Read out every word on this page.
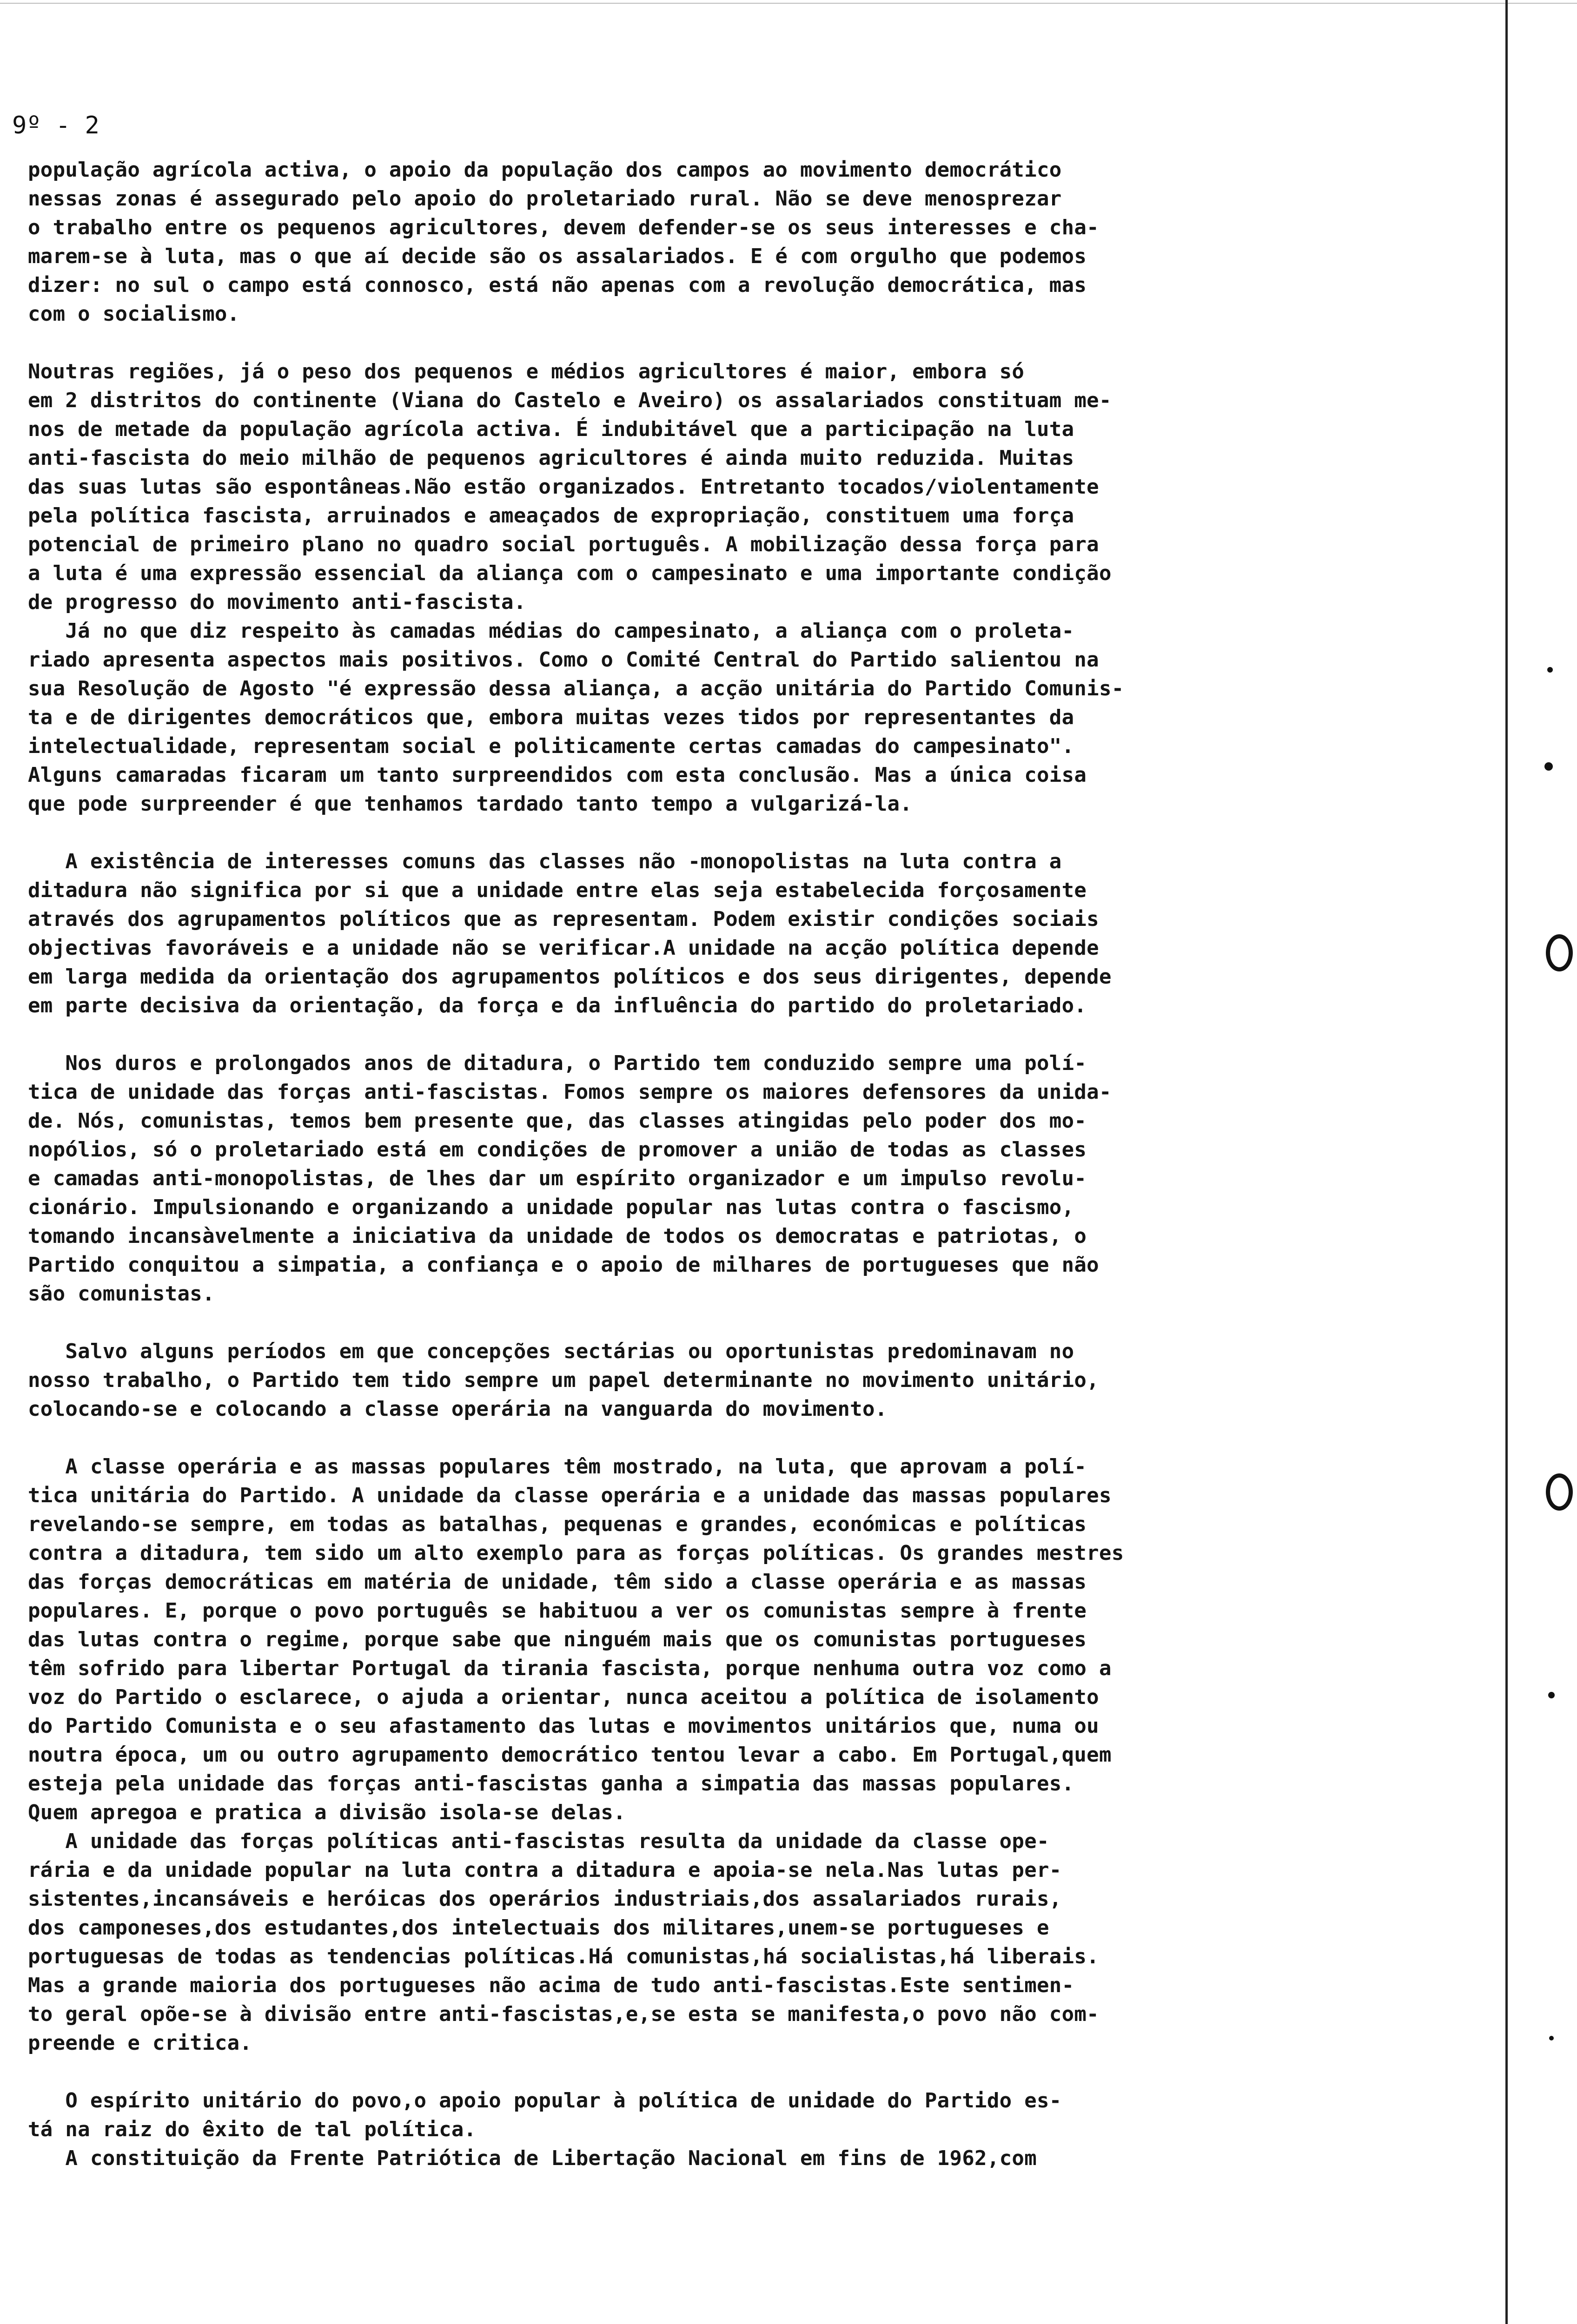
9º - 2
população agrícola activa, o apoio da população dos campos ao movimento democrático
nessas zonas é assegurado pelo apoio do proletariado rural. Não se deve menosprezar
o trabalho entre os pequenos agricultores, devem defender-se os seus interesses e cha-
marem-se à luta, mas o que aí decide são os assalariados. E é com orgulho que podemos
dizer: no sul o campo está connosco, está não apenas com a revolução democrática, mas
com o socialismo.
Noutras regiões, já o peso dos pequenos e médios agricultores é maior, embora só
em 2 distritos do continente (Viana do Castelo e Aveiro) os assalariados constituam me-
nos de metade da população agrícola activa. É indubitável que a participação na luta
anti-fascista do meio milhão de pequenos agricultores é ainda muito reduzida. Muitas
das suas lutas são espontâneas.Não estão organizados. Entretanto tocados/violentamente
pela política fascista, arruinados e ameaçados de expropriação, constituem uma força
potencial de primeiro plano no quadro social português. A mobilização dessa força para
a luta é uma expressão essencial da aliança com o campesinato e uma importante condição
de progresso do movimento anti-fascista.
Já no que diz respeito às camadas médias do campesinato, a aliança com o proleta-
riado apresenta aspectos mais positivos. Como o Comité Central do Partido salientou na
sua Resolução de Agosto "é expressão dessa aliança, a acção unitária do Partido Comunis-
ta e de dirigentes democráticos que, embora muitas vezes tidos por representantes da
intelectualidade, representam social e politicamente certas camadas do campesinato".
Alguns camaradas ficaram um tanto surpreendidos com esta conclusão. Mas a única coisa
que pode surpreender é que tenhamos tardado tanto tempo a vulgarizá-la.
A existência de interesses comuns das classes não -monopolistas na luta contra a
ditadura não significa por si que a unidade entre elas seja estabelecida forçosamente
através dos agrupamentos políticos que as representam. Podem existir condições sociais
objectivas favoráveis e a unidade não se verificar.A unidade na acção política depende
em larga medida da orientação dos agrupamentos políticos e dos seus dirigentes, depende
em parte decisiva da orientação, da força e da influência do partido do proletariado.
Nos duros e prolongados anos de ditadura, o Partido tem conduzido sempre uma polí-
tica de unidade das forças anti-fascistas. Fomos sempre os maiores defensores da unida-
de. Nós, comunistas, temos bem presente que, das classes atingidas pelo poder dos mo-
nopólios, só o proletariado está em condições de promover a união de todas as classes
e camadas anti-monopolistas, de lhes dar um espírito organizador e um impulso revolu-
cionário. Impulsionando e organizando a unidade popular nas lutas contra o fascismo,
tomando incansàvelmente a iniciativa da unidade de todos os democratas e patriotas, o
Partido conquitou a simpatia, a confiança e o apoio de milhares de portugueses que não
são comunistas.
Salvo alguns períodos em que concepções sectárias ou oportunistas predominavam no
nosso trabalho, o Partido tem tido sempre um papel determinante no movimento unitário,
colocando-se e colocando a classe operária na vanguarda do movimento.
A classe operária e as massas populares têm mostrado, na luta, que aprovam a polí-
tica unitária do Partido. A unidade da classe operária e a unidade das massas populares
revelando-se sempre, em todas as batalhas, pequenas e grandes, económicas e políticas
contra a ditadura, tem sido um alto exemplo para as forças políticas. Os grandes mestres
das forças democráticas em matéria de unidade, têm sido a classe operária e as massas
populares. E, porque o povo português se habituou a ver os comunistas sempre à frente
das lutas contra o regime, porque sabe que ninguém mais que os comunistas portugueses
têm sofrido para libertar Portugal da tirania fascista, porque nenhuma outra voz como a
voz do Partido o esclarece, o ajuda a orientar, nunca aceitou a política de isolamento
do Partido Comunista e o seu afastamento das lutas e movimentos unitários que, numa ou
noutra época, um ou outro agrupamento democrático tentou levar a cabo. Em Portugal,quem
esteja pela unidade das forças anti-fascistas ganha a simpatia das massas populares.
Quem apregoa e pratica a divisão isola-se delas.
A unidade das forças políticas anti-fascistas resulta da unidade da classe ope-
rária e da unidade popular na luta contra a ditadura e apoia-se nela.Nas lutas per-
sistentes,incansáveis e heróicas dos operários industriais,dos assalariados rurais,
dos camponeses,dos estudantes,dos intelectuais dos militares,unem-se portugueses e
portuguesas de todas as tendencias políticas.Há comunistas,há socialistas,há liberais.
Mas a grande maioria dos portugueses não acima de tudo anti-fascistas.Este sentimen-
to geral opõe-se à divisão entre anti-fascistas,e,se esta se manifesta,o povo não com-
preende e critica.
O espírito unitário do povo,o apoio popular à política de unidade do Partido es-
tá na raiz do êxito de tal política.
A constituição da Frente Patriótica de Libertação Nacional em fins de 1962,com
